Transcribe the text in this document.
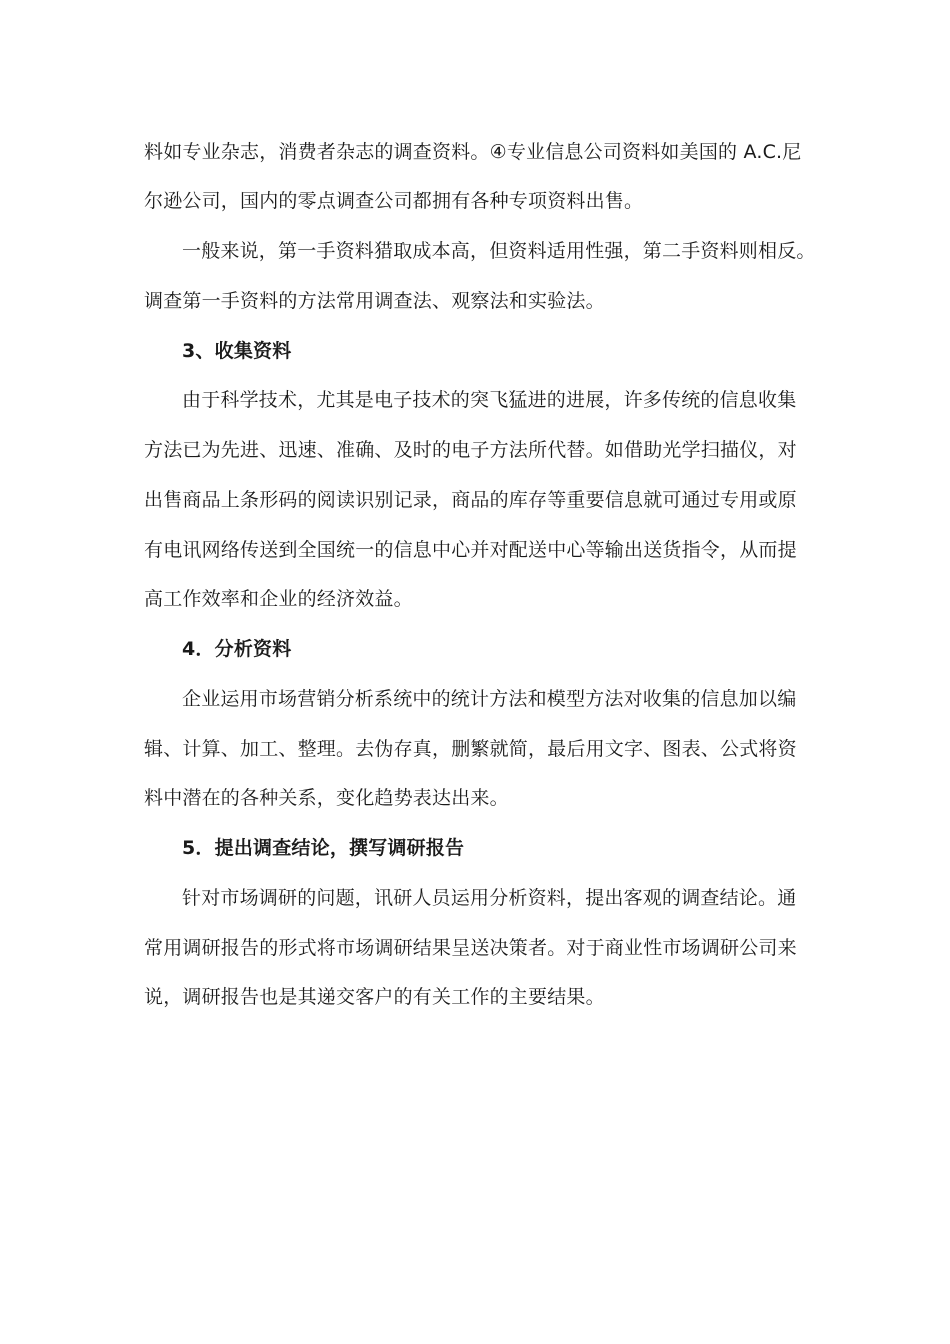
料如专业杂志，消费者杂志的调查资料。④专业信息公司资料如美国的 A.C.尼
尔逊公司，国内的零点调查公司都拥有各种专项资料出售。
一般来说，第一手资料猎取成本高，但资料适用性强，第二手资料则相反。
调查第一手资料的方法常用调查法、观察法和实验法。
3、收集资料
由于科学技术，尤其是电子技术的突飞猛进的进展，许多传统的信息收集
方法已为先进、迅速、准确、及时的电子方法所代替。如借助光学扫描仪，对
出售商品上条形码的阅读识别记录，商品的库存等重要信息就可通过专用或原
有电讯网络传送到全国统一的信息中心并对配送中心等输出送货指令，从而提
高工作效率和企业的经济效益。
4．分析资料
企业运用市场营销分析系统中的统计方法和模型方法对收集的信息加以编
辑、计算、加工、整理。去伪存真，删繁就简，最后用文字、图表、公式将资
料中潜在的各种关系，变化趋势表达出来。
5．提出调查结论，撰写调研报告
针对市场调研的问题，讯研人员运用分析资料，提出客观的调查结论。通
常用调研报告的形式将市场调研结果呈送决策者。对于商业性市场调研公司来
说，调研报告也是其递交客户的有关工作的主要结果。
